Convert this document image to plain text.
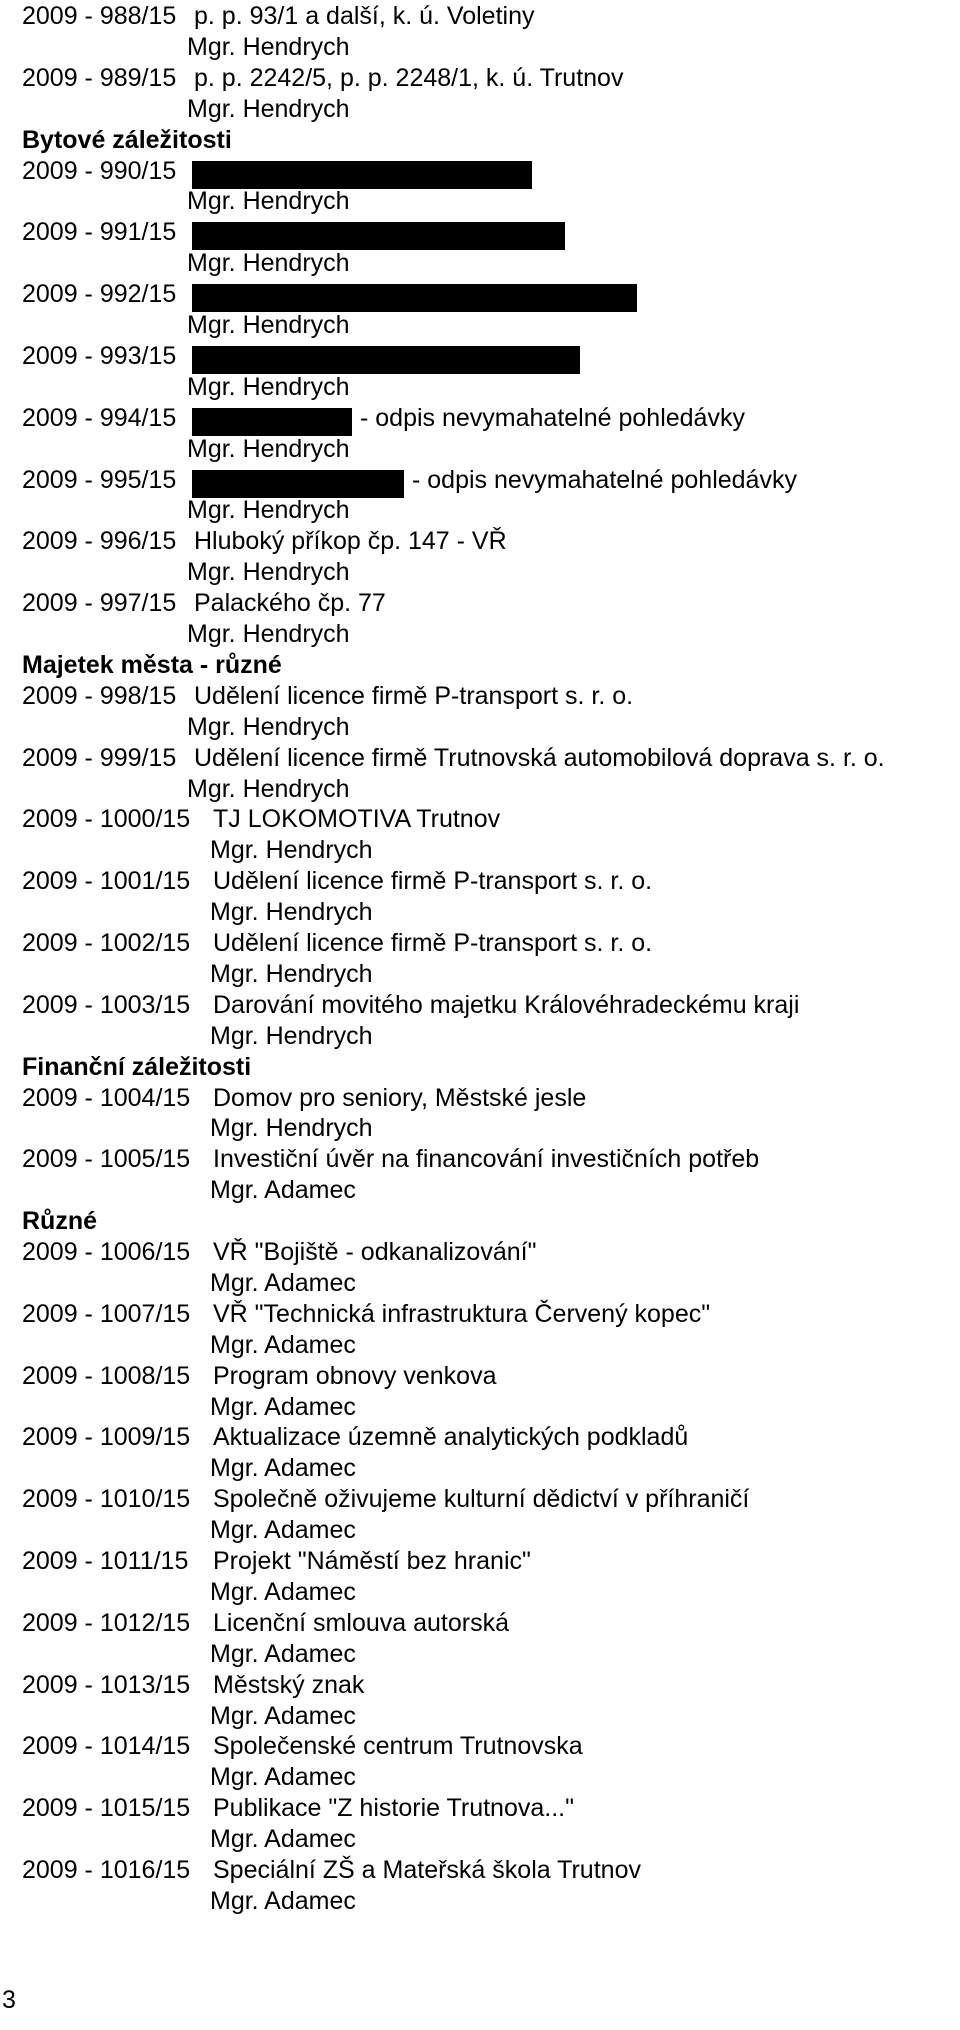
2009 - 988/15 p. p. 93/1 a další, k. ú. Voletiny
Mgr. Hendrych
2009 - 989/15 p. p. 2242/5, p. p. 2248/1, k. ú. Trutnov
Mgr. Hendrych
Bytové záležitosti
2009 - 990/15
Mgr. Hendrych
2009 - 991/15
Mgr. Hendrych
2009 - 992/15
Mgr. Hendrych
2009 - 993/15
Mgr. Hendrych
2009 - 994/15	- odpis nevymahatelné pohledávky
Mgr. Hendrych
2009 - 995/15	- odpis nevymahatelné pohledávky
Mgr. Hendrych
2009 - 996/15 Hluboký příkop čp. 147 - VŘ
Mgr. Hendrych
2009 - 997/15 Palackého čp. 77
Mgr. Hendrych
Majetek města - různé
2009 - 998/15 Udělení licence firmě P-transport s. r. o.
Mgr. Hendrych
2009 - 999/15 Udělení licence firmě Trutnovská automobilová doprava s. r. o.
Mgr. Hendrych
2009 - 1000/15 TJ LOKOMOTIVA Trutnov
Mgr. Hendrych
2009 - 1001/15 Udělení licence firmě P-transport s. r. o.
Mgr. Hendrych
2009 - 1002/15 Udělení licence firmě P-transport s. r. o.
Mgr. Hendrych
2009 - 1003/15 Darování movitého majetku Královéhradeckému kraji
Mgr. Hendrych
Finanční záležitosti
2009 - 1004/15 Domov pro seniory, Městské jesle
Mgr. Hendrych
2009 - 1005/15 Investiční úvěr na financování investičních potřeb
Mgr. Adamec
Různé
2009 - 1006/15 VŘ "Bojiště - odkanalizování"
Mgr. Adamec
2009 - 1007/15 VŘ "Technická infrastruktura Červený kopec"
Mgr. Adamec
2009 - 1008/15 Program obnovy venkova
Mgr. Adamec
2009 - 1009/15 Aktualizace územně analytických podkladů
Mgr. Adamec
2009 - 1010/15 Společně oživujeme kulturní dědictví v příhraničí
Mgr. Adamec
2009 - 1011/15 Projekt "Náměstí bez hranic"
Mgr. Adamec
2009 - 1012/15 Licenční smlouva autorská
Mgr. Adamec
2009 - 1013/15 Městský znak
Mgr. Adamec
2009 - 1014/15 Společenské centrum Trutnovska
Mgr. Adamec
2009 - 1015/15 Publikace "Z historie Trutnova..."
Mgr. Adamec
2009 - 1016/15 Speciální ZŠ a Mateřská škola Trutnov
Mgr. Adamec
3
